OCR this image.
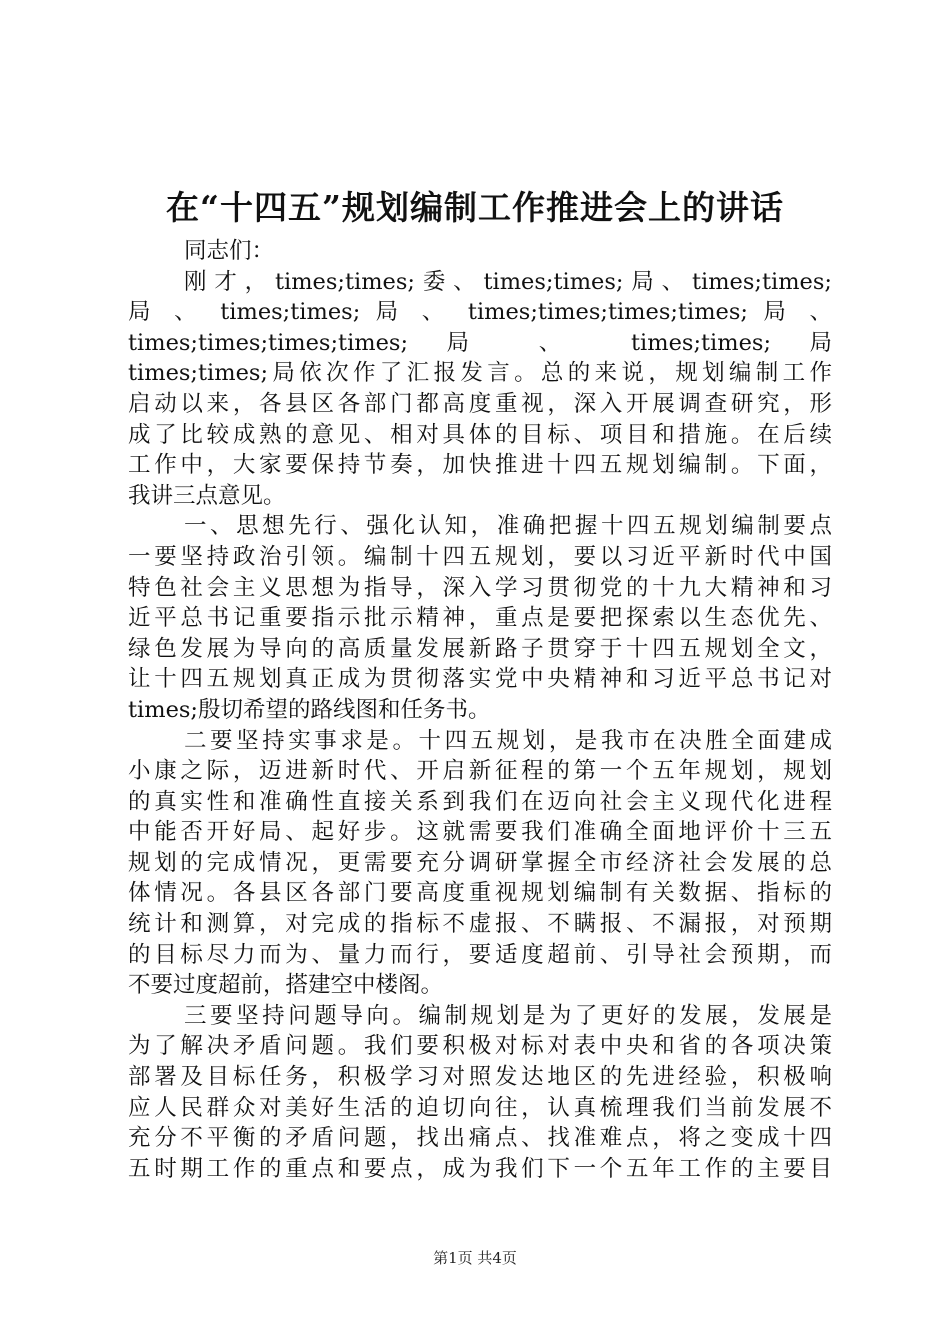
在“十四五”规划编制工作推进会上的讲话
同志们：
刚才，times;times;委、times;times;局、times;times;
局 、 times;times; 局 、 times;times;times;times; 局 、
times;times;times;times; 局 、 times;times; 局
times;times;局依次作了汇报发言。总的来说，规划编制工作
启动以来，各县区各部门都高度重视，深入开展调查研究，形
成了比较成熟的意见、相对具体的目标、项目和措施。在后续
工作中，大家要保持节奏，加快推进十四五规划编制。下面，
我讲三点意见。
一、思想先行、强化认知，准确把握十四五规划编制要点
一要坚持政治引领。编制十四五规划，要以习近平新时代中国
特色社会主义思想为指导，深入学习贯彻党的十九大精神和习
近平总书记重要指示批示精神，重点是要把探索以生态优先、
绿色发展为导向的高质量发展新路子贯穿于十四五规划全文，
让十四五规划真正成为贯彻落实党中央精神和习近平总书记对
times;殷切希望的路线图和任务书。
二要坚持实事求是。十四五规划，是我市在决胜全面建成
小康之际，迈进新时代、开启新征程的第一个五年规划，规划
的真实性和准确性直接关系到我们在迈向社会主义现代化进程
中能否开好局、起好步。这就需要我们准确全面地评价十三五
规划的完成情况，更需要充分调研掌握全市经济社会发展的总
体情况。各县区各部门要高度重视规划编制有关数据、指标的
统计和测算，对完成的指标不虚报、不瞒报、不漏报，对预期
的目标尽力而为、量力而行，要适度超前、引导社会预期，而
不要过度超前，搭建空中楼阁。
三要坚持问题导向。编制规划是为了更好的发展，发展是
为了解决矛盾问题。我们要积极对标对表中央和省的各项决策
部署及目标任务，积极学习对照发达地区的先进经验，积极响
应人民群众对美好生活的迫切向往，认真梳理我们当前发展不
充分不平衡的矛盾问题，找出痛点、找准难点，将之变成十四
五时期工作的重点和要点，成为我们下一个五年工作的主要目
第1页 共4页
